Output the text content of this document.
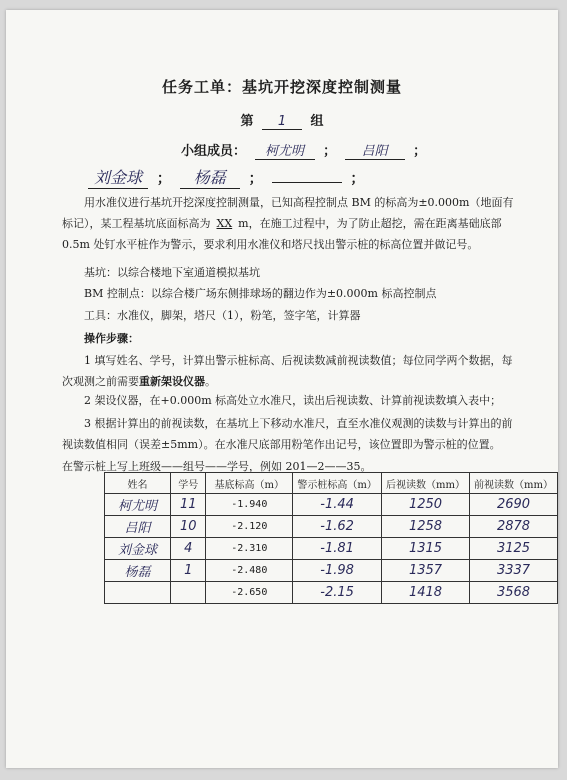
任务工单：基坑开挖深度控制测量
第 1 组
小组成员： 柯尤明 ； 吕阳 ；
刘金球 ； 杨磊 ；	；
用水准仪进行基坑开挖深度控制测量，已知高程控制点 BM 的标高为±0.000m（地面有标记），某工程基坑底面标高为 XX m，在施工过程中，为了防止超挖，需在距离基础底部 0.5m 处钉水平桩作为警示，要求利用水准仪和塔尺找出警示桩的标高位置并做记号。
基坑：以综合楼地下室通道模拟基坑
BM 控制点：以综合楼广场东侧排球场的翻边作为±0.000m 标高控制点
工具：水准仪，脚架，塔尺（1），粉笔，签字笔，计算器
操作步骤：
1 填写姓名、学号，计算出警示桩标高、后视读数减前视读数值；每位同学两个数据，每次观测之前需要重新架设仪器。
2 架设仪器，在+0.000m 标高处立水准尺，读出后视读数、计算前视读数填入表中；
3 根据计算出的前视读数，在基坑上下移动水准尺，直至水准仪观测的读数与计算出的前视读数值相同（误差±5mm）。在水准尺底部用粉笔作出记号，该位置即为警示桩的位置。
在警示桩上写上班级——组号——学号，例如 201—2——35。
姓名	学号	基底标高（m）	警示桩标高（m）	后视读数（mm）	前视读数（mm）
柯尤明	11	-1.940	-1.44	1250	2690
吕阳	10	-2.120	-1.62	1258	2878
刘金球	4	-2.310	-1.81	1315	3125
杨磊	1	-2.480	-1.98	1357	3337
		-2.650	-2.15	1418	3568
